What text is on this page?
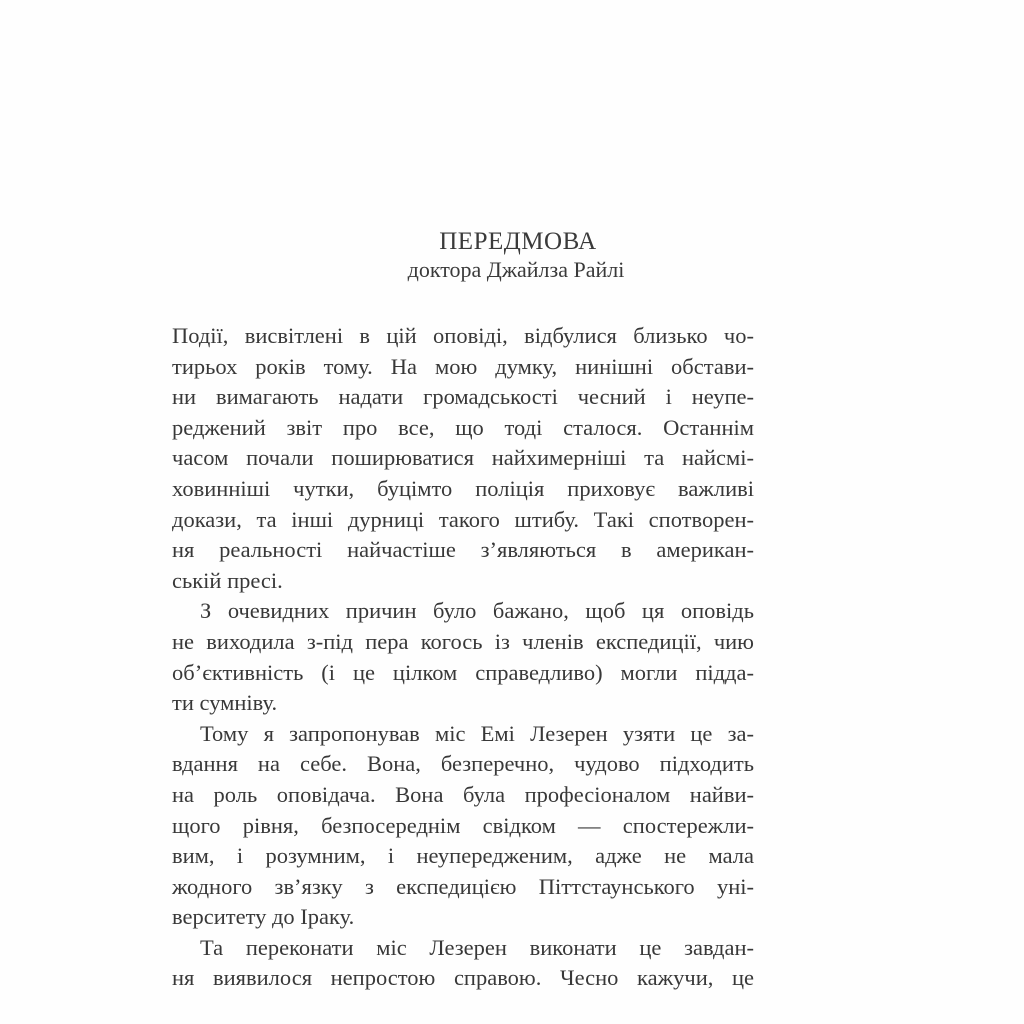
ПЕРЕДМОВА
доктора Джайлза Райлі
Події, висвітлені в цій оповіді, відбулися близько чо-
тирьох років тому. На мою думку, нинішні обстави-
ни вимагають надати громадськості чесний і неупе-
реджений звіт про все, що тоді сталося. Останнім
часом почали поширюватися найхимерніші та найсмі-
ховинніші чутки, буцімто поліція приховує важливі
докази, та інші дурниці такого штибу. Такі спотворен-
ня реальності найчастіше з’являються в американ-
ській пресі.
З очевидних причин було бажано, щоб ця оповідь
не виходила з-під пера когось із членів експедиції, чию
об’єктивність (і це цілком справедливо) могли підда-
ти сумніву.
Тому я запропонував міс Емі Лезерен узяти це за-
вдання на себе. Вона, безперечно, чудово підходить
на роль оповідача. Вона була професіоналом найви-
щого рівня, безпосереднім свідком — спостережли-
вим, і розумним, і неупередженим, адже не мала
жодного зв’язку з експедицією Піттстаунського уні-
верситету до Іраку.
Та переконати міс Лезерен виконати це завдан-
ня виявилося непростою справою. Чесно кажучи, це
